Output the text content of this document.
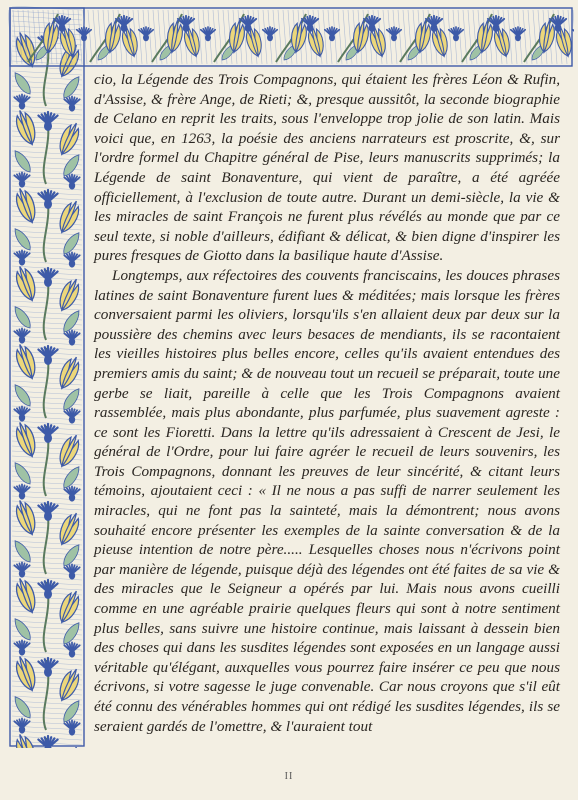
cio, la Légende des Trois Compagnons, qui étaient les frères Léon & Rufin, d'Assise, & frère Ange, de Rieti; &, presque aussitôt, la seconde biographie de Celano en reprit les traits, sous l'enveloppe trop jolie de son latin. Mais voici que, en 1263, la poésie des anciens narrateurs est proscrite, &, sur l'ordre formel du Chapitre général de Pise, leurs manuscrits supprimés; la Légende de saint Bonaventure, qui vient de paraître, a été agréée officiellement, à l'exclusion de toute autre. Durant un demi-siècle, la vie & les miracles de saint François ne furent plus révélés au monde que par ce seul texte, si noble d'ailleurs, édifiant & délicat, & bien digne d'inspirer les pures fresques de Giotto dans la basilique haute d'Assise.

Longtemps, aux réfectoires des couvents franciscains, les douces phrases latines de saint Bonaventure furent lues & méditées; mais lorsque les frères conversaient parmi les oliviers, lorsqu'ils s'en allaient deux par deux sur la poussière des chemins avec leurs besaces de mendiants, ils se racontaient les vieilles histoires plus belles encore, celles qu'ils avaient entendues des premiers amis du saint; & de nouveau tout un recueil se préparait, toute une gerbe se liait, pareille à celle que les Trois Compagnons avaient rassemblée, mais plus abondante, plus parfumée, plus suavement agreste : ce sont les Fioretti. Dans la lettre qu'ils adressaient à Crescent de Jesi, le général de l'Ordre, pour lui faire agréer le recueil de leurs souvenirs, les Trois Compagnons, donnant les preuves de leur sincérité, & citant leurs témoins, ajoutaient ceci : « Il ne nous a pas suffi de narrer seulement les miracles, qui ne font pas la sainteté, mais la démontrent; nous avons souhaité encore présenter les exemples de la sainte conversation & de la pieuse intention de notre père..... Lesquelles choses nous n'écrivons point par manière de légende, puisque déjà des légendes ont été faites de sa vie & des miracles que le Seigneur a opérés par lui. Mais nous avons cueilli comme en une agréable prairie quelques fleurs qui sont à notre sentiment plus belles, sans suivre une histoire continue, mais laissant à dessein bien des choses qui dans les susdites légendes sont exposées en un langage aussi véritable qu'élégant, auxquelles vous pourrez faire insérer ce peu que nous écrivons, si votre sagesse le juge convenable. Car nous croyons que s'il eût été connu des vénérables hommes qui ont rédigé les susdites légendes, ils se seraient gardés de l'omettre, & l'auraient tout

II
